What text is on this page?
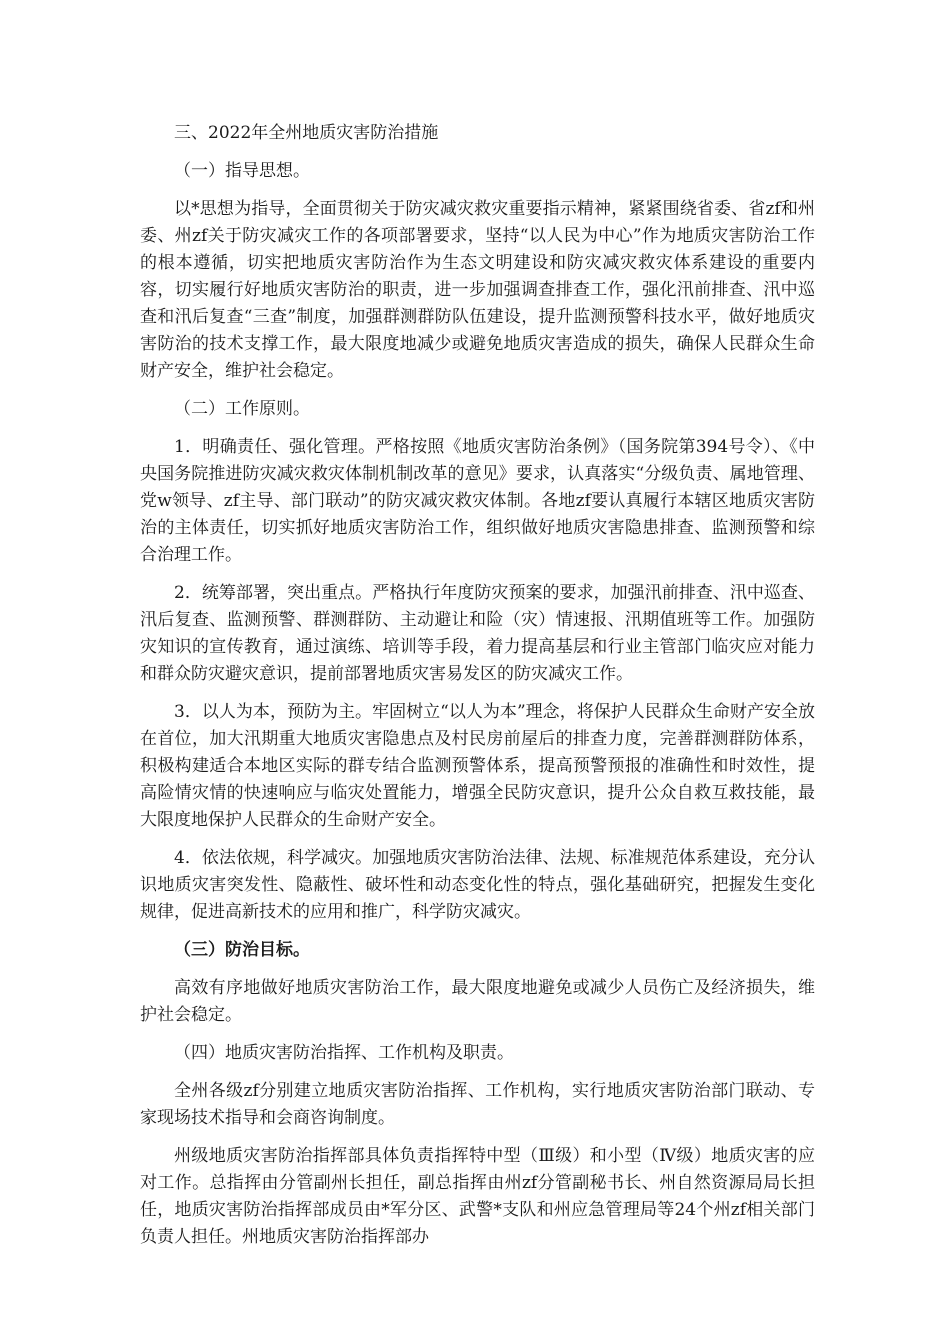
三、2022年全州地质灾害防治措施

（一）指导思想。

以*思想为指导，全面贯彻关于防灾减灾救灾重要指示精神，紧紧围绕省委、省zf和州委、州zf关于防灾减灾工作的各项部署要求，坚持“以人民为中心”作为地质灾害防治工作的根本遵循，切实把地质灾害防治作为生态文明建设和防灾减灾救灾体系建设的重要内容，切实履行好地质灾害防治的职责，进一步加强调查排查工作，强化汛前排查、汛中巡查和汛后复查“三查”制度，加强群测群防队伍建设，提升监测预警科技水平，做好地质灾害防治的技术支撑工作，最大限度地减少或避免地质灾害造成的损失，确保人民群众生命财产安全，维护社会稳定。

（二）工作原则。

1．明确责任、强化管理。严格按照《地质灾害防治条例》（国务院第394号令）、《中央国务院推进防灾减灾救灾体制机制改革的意见》要求，认真落实“分级负责、属地管理、党w领导、zf主导、部门联动”的防灾减灾救灾体制。各地zf要认真履行本辖区地质灾害防治的主体责任，切实抓好地质灾害防治工作，组织做好地质灾害隐患排查、监测预警和综合治理工作。

2．统筹部署，突出重点。严格执行年度防灾预案的要求，加强汛前排查、汛中巡查、汛后复查、监测预警、群测群防、主动避让和险（灾）情速报、汛期值班等工作。加强防灾知识的宣传教育，通过演练、培训等手段，着力提高基层和行业主管部门临灾应对能力和群众防灾避灾意识，提前部署地质灾害易发区的防灾减灾工作。

3．以人为本，预防为主。牢固树立“以人为本”理念，将保护人民群众生命财产安全放在首位，加大汛期重大地质灾害隐患点及村民房前屋后的排查力度，完善群测群防体系，积极构建适合本地区实际的群专结合监测预警体系，提高预警预报的准确性和时效性，提高险情灾情的快速响应与临灾处置能力，增强全民防灾意识，提升公众自救互救技能，最大限度地保护人民群众的生命财产安全。

4．依法依规，科学减灾。加强地质灾害防治法律、法规、标准规范体系建设，充分认识地质灾害突发性、隐蔽性、破坏性和动态变化性的特点，强化基础研究，把握发生变化规律，促进高新技术的应用和推广，科学防灾减灾。

（三）防治目标。

高效有序地做好地质灾害防治工作，最大限度地避免或减少人员伤亡及经济损失，维护社会稳定。

（四）地质灾害防治指挥、工作机构及职责。

全州各级zf分别建立地质灾害防治指挥、工作机构，实行地质灾害防治部门联动、专家现场技术指导和会商咨询制度。

州级地质灾害防治指挥部具体负责指挥特中型（Ⅲ级）和小型（Ⅳ级）地质灾害的应对工作。总指挥由分管副州长担任，副总指挥由州zf分管副秘书长、州自然资源局局长担任，地质灾害防治指挥部成员由*军分区、武警*支队和州应急管理局等24个州zf相关部门负责人担任。州地质灾害防治指挥部办
